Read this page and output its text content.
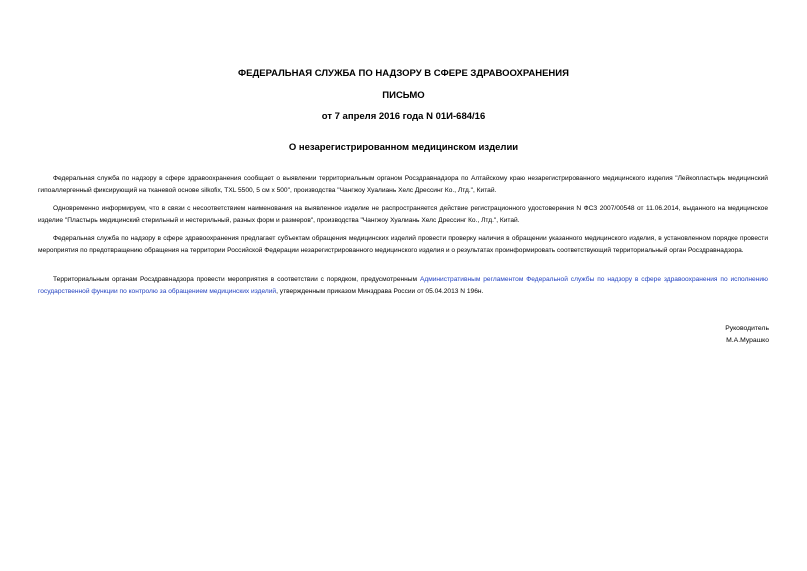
ФЕДЕРАЛЬНАЯ СЛУЖБА ПО НАДЗОРУ В СФЕРЕ ЗДРАВООХРАНЕНИЯ
ПИСЬМО
от 7 апреля 2016 года N 01И-684/16
О незарегистрированном медицинском изделии

Федеральная служба по надзору в сфере здравоохранения сообщает о выявлении территориальным органом Росздравнадзора по Алтайскому краю незарегистрированного медицинского изделия "Лейкопластырь медицинский гипоаллергенный фиксирующий на тканевой основе silkofix, TXL 5500, 5 см х 500", производства "Чангжоу Хуалиань Хелс Дрессинг Ко., Лтд.", Китай.

Одновременно информируем, что в связи с несоответствием наименования на выявленное изделие не распространяется действие регистрационного удостоверения N ФСЗ 2007/00548 от 11.06.2014, выданного на медицинское изделие "Пластырь медицинский стерильный и нестерильный, разных форм и размеров", производства "Чангжоу Хуалиань Хелс Дрессинг Ко., Лтд.", Китай.

Федеральная служба по надзору в сфере здравоохранения предлагает субъектам обращения медицинских изделий провести проверку наличия в обращении указанного медицинского изделия, в установленном порядке провести мероприятия по предотвращению обращения на территории Российской Федерации незарегистрированного медицинского изделия и о результатах проинформировать соответствующий территориальный орган Росздравнадзора.

Территориальным органам Росздравнадзора провести мероприятия в соответствии с порядком, предусмотренным Административным регламентом Федеральной службы по надзору в сфере здравоохранения по исполнению государственной функции по контролю за обращением медицинских изделий, утвержденным приказом Минздрава России от 05.04.2013 N 196н.

Руководитель
М.А.Мурашко
